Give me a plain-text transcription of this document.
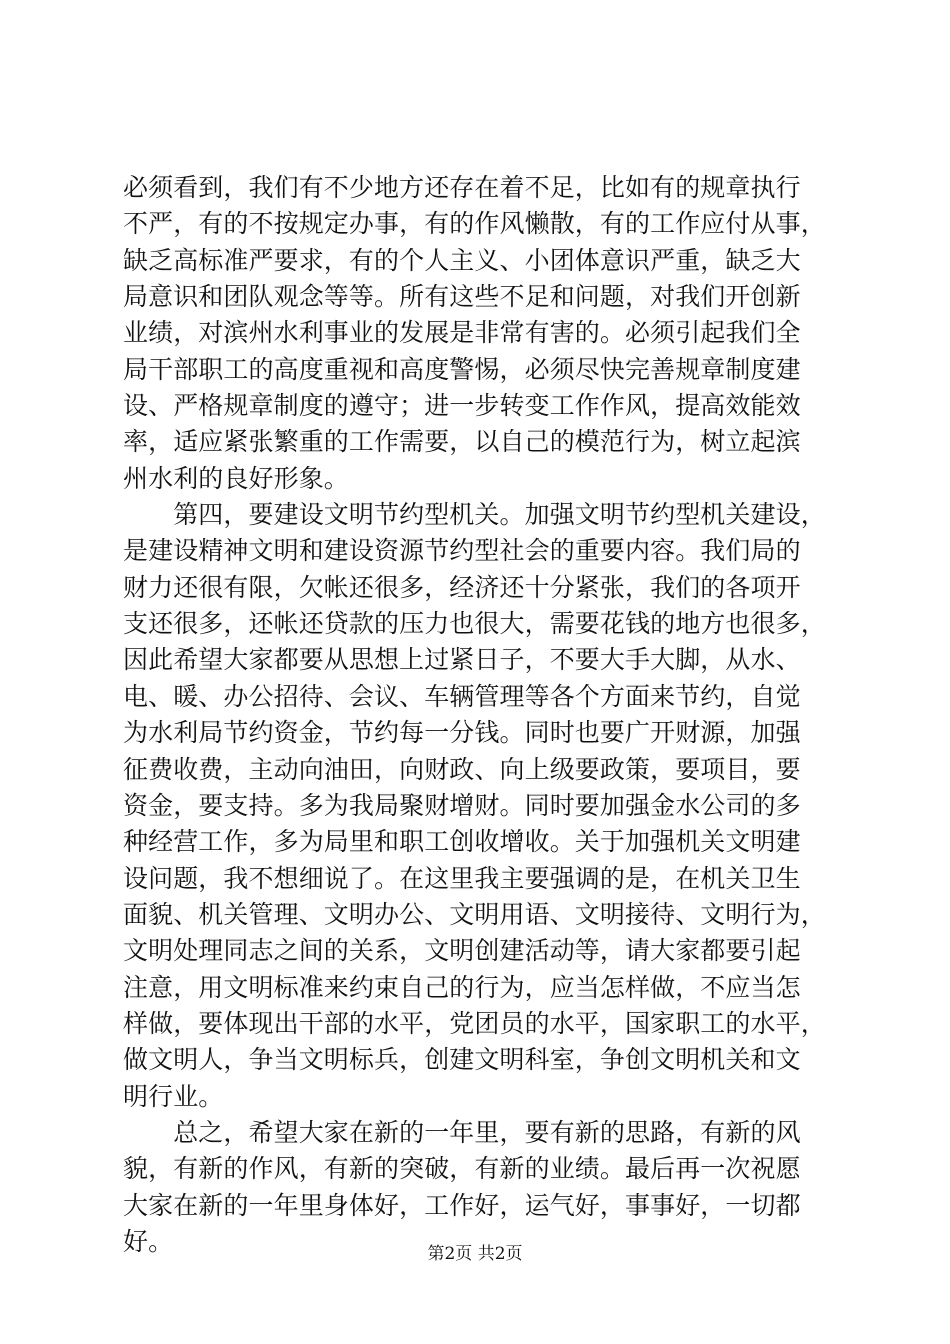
必须看到，我们有不少地方还存在着不足，比如有的规章执行
不严，有的不按规定办事，有的作风懒散，有的工作应付从事，
缺乏高标准严要求，有的个人主义、小团体意识严重，缺乏大
局意识和团队观念等等。所有这些不足和问题，对我们开创新
业绩，对滨州水利事业的发展是非常有害的。必须引起我们全
局干部职工的高度重视和高度警惕，必须尽快完善规章制度建
设、严格规章制度的遵守；进一步转变工作作风，提高效能效
率，适应紧张繁重的工作需要，以自己的模范行为，树立起滨
州水利的良好形象。
　　第四，要建设文明节约型机关。加强文明节约型机关建设，
是建设精神文明和建设资源节约型社会的重要内容。我们局的
财力还很有限，欠帐还很多，经济还十分紧张，我们的各项开
支还很多，还帐还贷款的压力也很大，需要花钱的地方也很多，
因此希望大家都要从思想上过紧日子，不要大手大脚，从水、
电、暖、办公招待、会议、车辆管理等各个方面来节约，自觉
为水利局节约资金，节约每一分钱。同时也要广开财源，加强
征费收费，主动向油田，向财政、向上级要政策，要项目，要
资金，要支持。多为我局聚财增财。同时要加强金水公司的多
种经营工作，多为局里和职工创收增收。关于加强机关文明建
设问题，我不想细说了。在这里我主要强调的是，在机关卫生
面貌、机关管理、文明办公、文明用语、文明接待、文明行为，
文明处理同志之间的关系，文明创建活动等，请大家都要引起
注意，用文明标准来约束自己的行为，应当怎样做，不应当怎
样做，要体现出干部的水平，党团员的水平，国家职工的水平，
做文明人，争当文明标兵，创建文明科室，争创文明机关和文
明行业。
　　总之，希望大家在新的一年里，要有新的思路，有新的风
貌，有新的作风，有新的突破，有新的业绩。最后再一次祝愿
大家在新的一年里身体好，工作好，运气好，事事好，一切都
好。	第2页 共2页
